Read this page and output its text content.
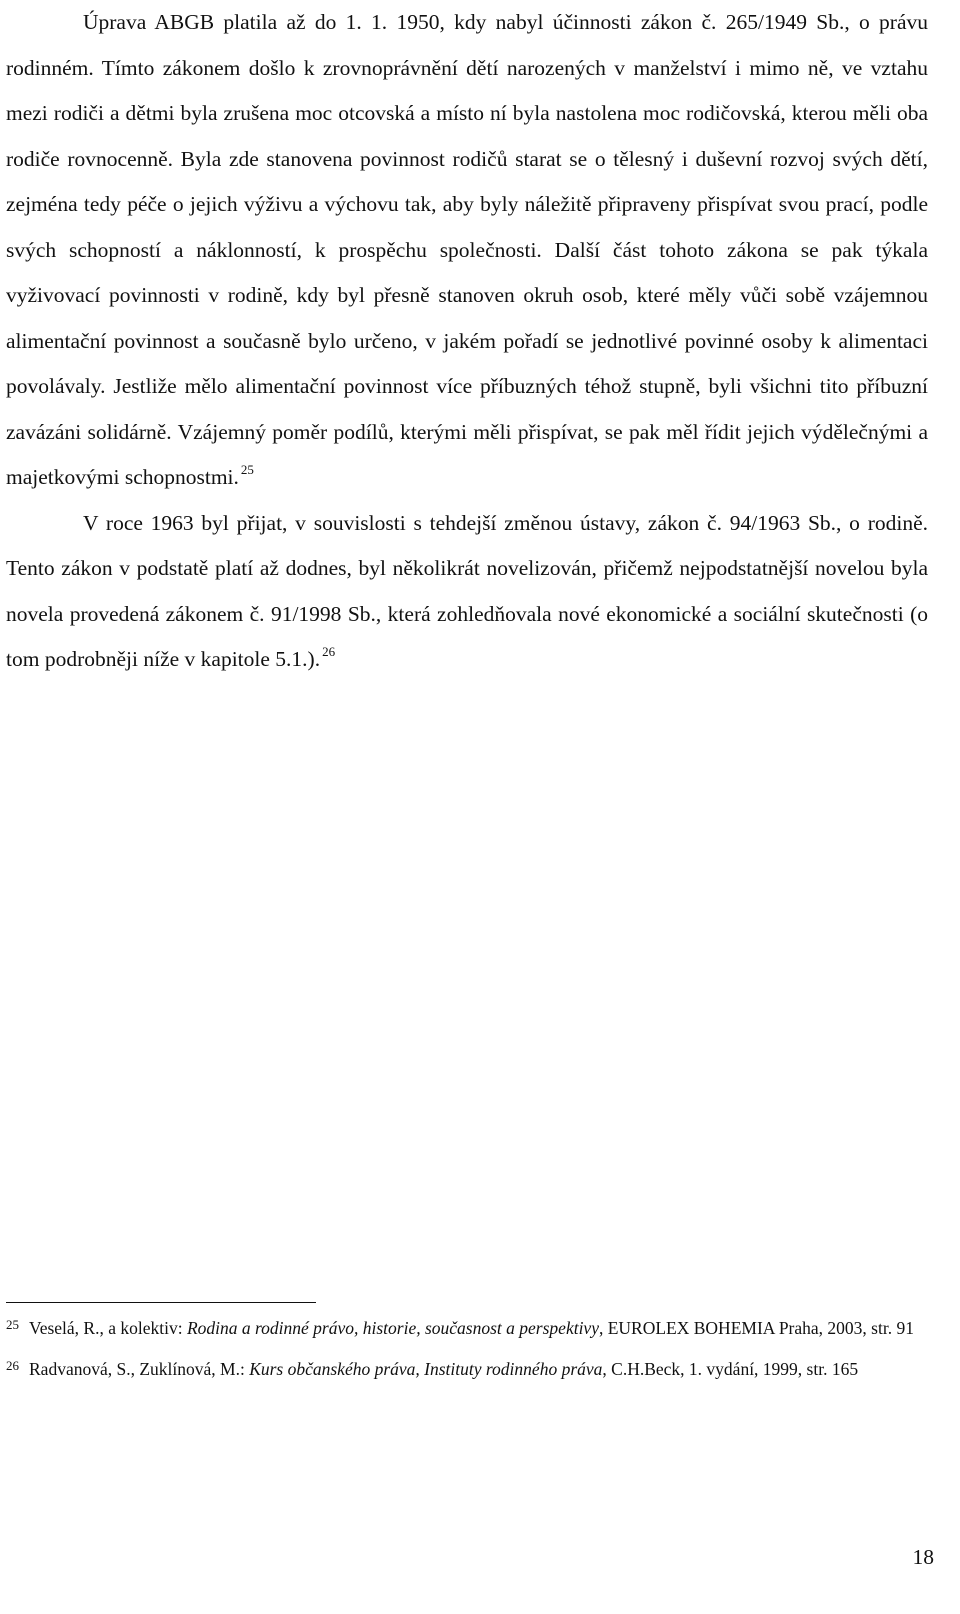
Úprava ABGB platila až do 1. 1. 1950, kdy nabyl účinnosti zákon č. 265/1949 Sb., o právu rodinném. Tímto zákonem došlo k zrovnoprávnění dětí narozených v manželství i mimo ně, ve vztahu mezi rodiči a dětmi byla zrušena moc otcovská a místo ní byla nastolena moc rodičovská, kterou měli oba rodiče rovnocenně. Byla zde stanovena povinnost rodičů starat se o tělesný i duševní rozvoj svých dětí, zejména tedy péče o jejich výživu a výchovu tak, aby byly náležitě připraveny přispívat svou prací, podle svých schopností a náklonností, k prospěchu společnosti. Další část tohoto zákona se pak týkala vyživovací povinnosti v rodině, kdy byl přesně stanoven okruh osob, které měly vůči sobě vzájemnou alimentační povinnost a současně bylo určeno, v jakém pořadí se jednotlivé povinné osoby k alimentaci povolávaly. Jestliže mělo alimentační povinnost více příbuzných téhož stupně, byli všichni tito příbuzní zavázáni solidárně. Vzájemný poměr podílů, kterými měli přispívat, se pak měl řídit jejich výdělečnými a majetkovými schopnostmi. $^{25}$

V roce 1963 byl přijat, v souvislosti s tehdejší změnou ústavy, zákon č. 94/1963 Sb., o rodině. Tento zákon v podstatě platí až dodnes, byl několikrát novelizován, přičemž nejpodstatnější novelou byla novela provedená zákonem č. 91/1998 Sb., která zohledňovala nové ekonomické a sociální skutečnosti (o tom podrobněji níže v kapitole 5.1.). $^{26}$

$^{25}$ Veselá, R., a kolektiv: Rodina a rodinné právo, historie, současnost a perspektivy, EUROLEX BOHEMIA Praha, 2003, str. 91
$^{26}$ Radvanová, S., Zuklínová, M.: Kurs občanského práva, Instituty rodinného práva, C.H.Beck, 1. vydání, 1999, str. 165
18
